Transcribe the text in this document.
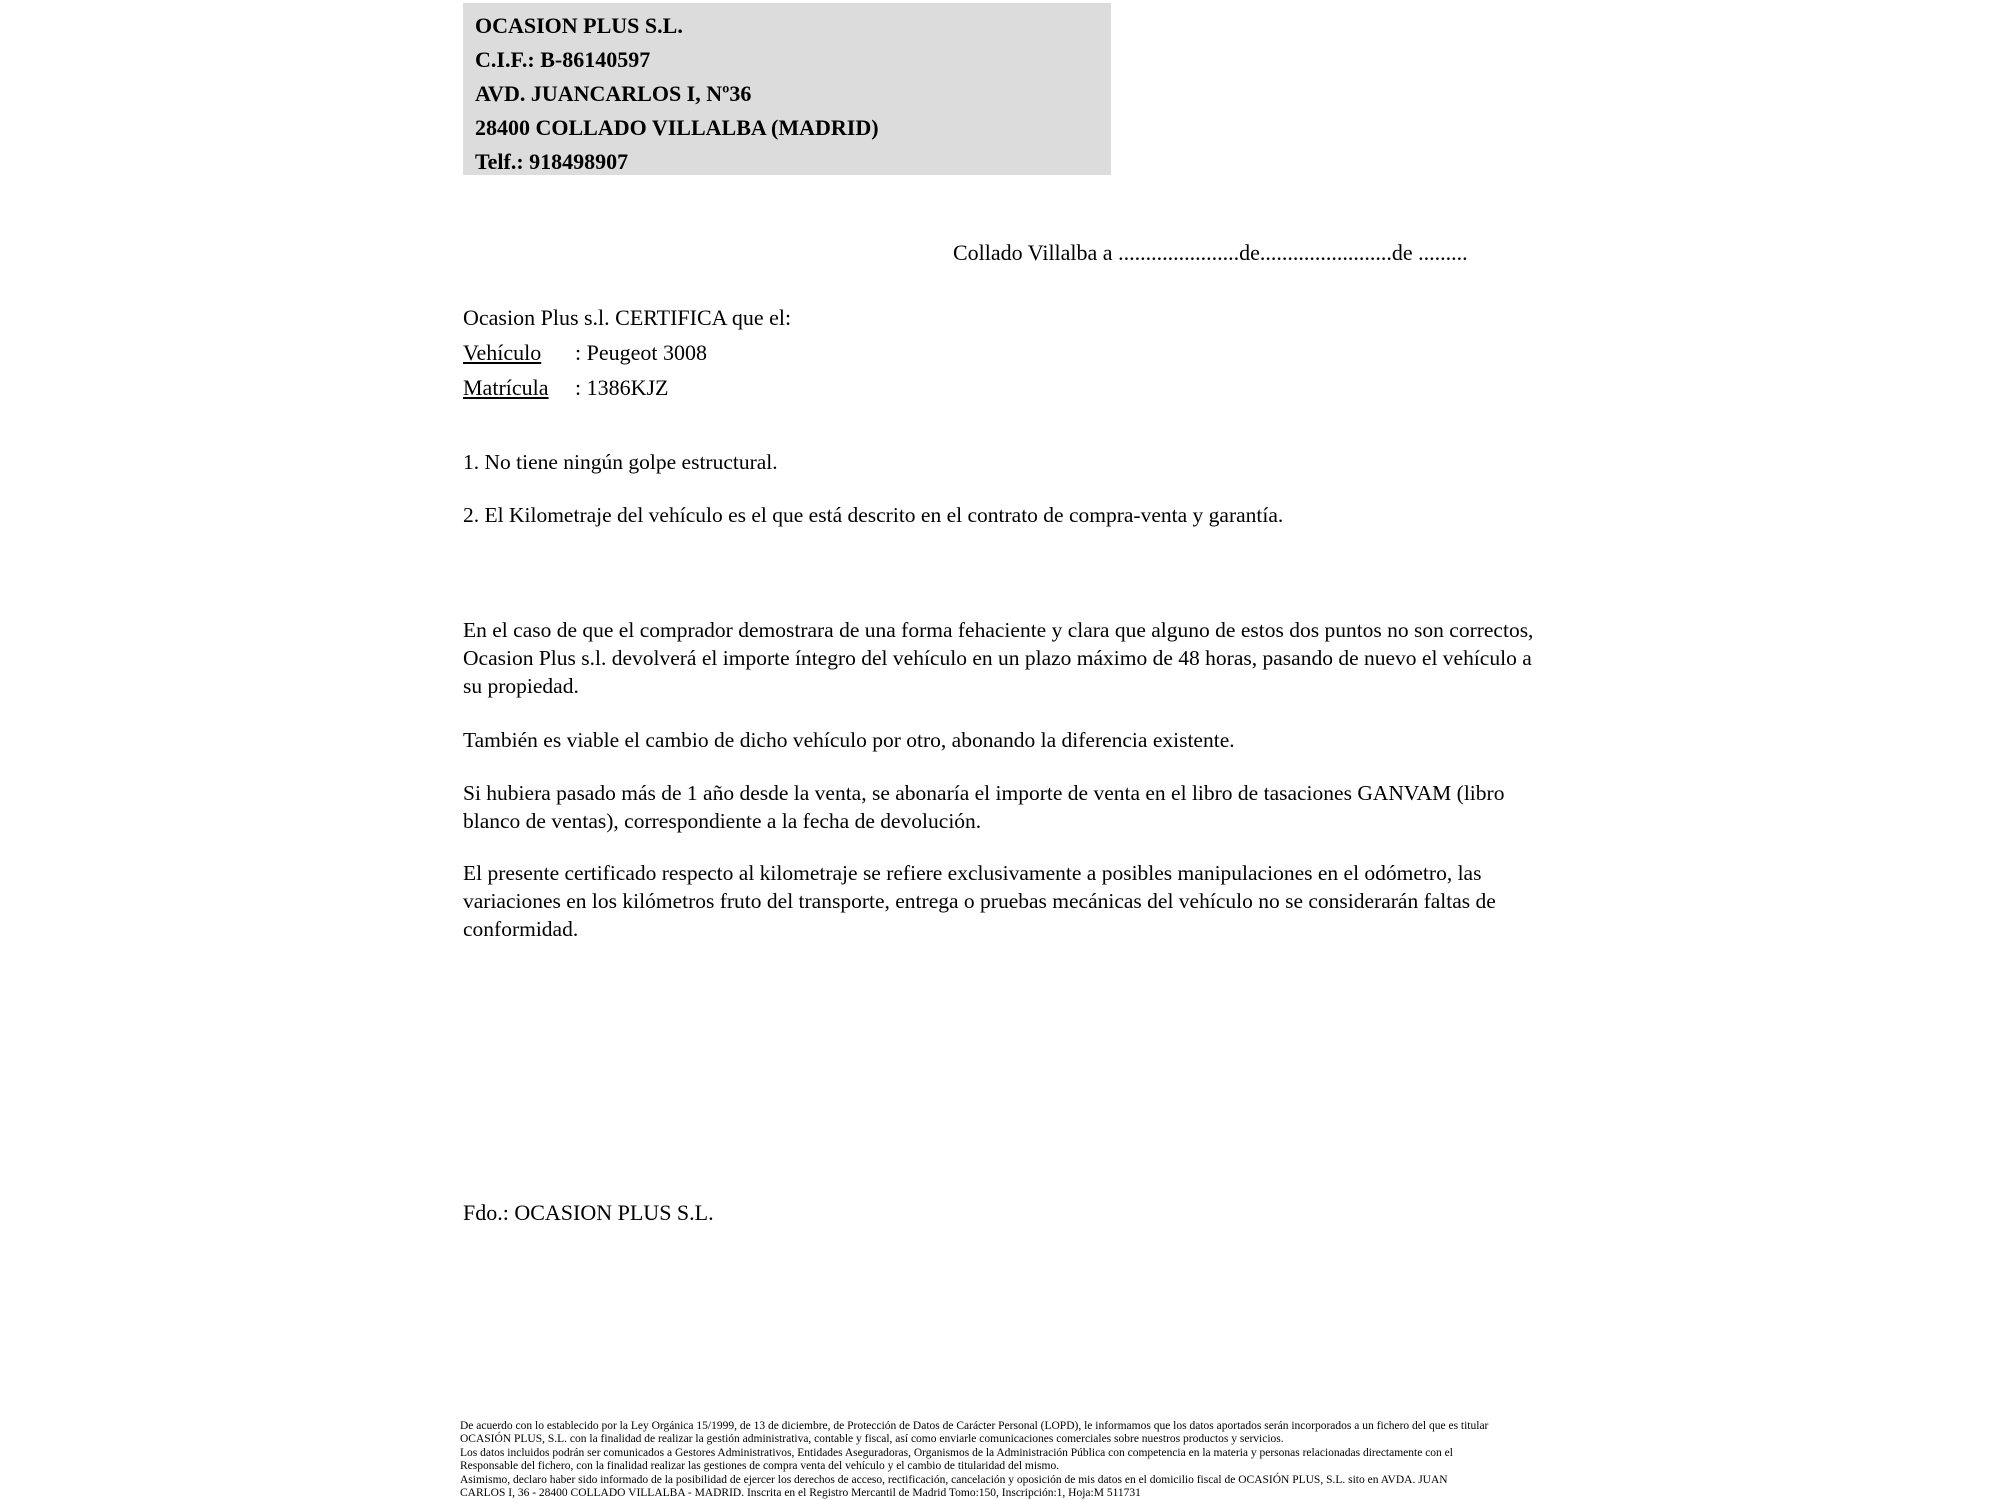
OCASION PLUS S.L.
C.I.F.: B-86140597
AVD. JUANCARLOS I, Nº36
28400 COLLADO VILLALBA (MADRID)
Telf.: 918498907
Collado Villalba a ......................de........................de .........
Ocasion Plus s.l. CERTIFICA que el:
Vehículo : Peugeot 3008
Matrícula : 1386KJZ
1. No tiene ningún golpe estructural.
2. El Kilometraje del vehículo es el que está descrito en el contrato de compra-venta y garantía.
En el caso de que el comprador demostrara de una forma fehaciente y clara que alguno de estos dos puntos no son correctos, Ocasion Plus s.l. devolverá el importe íntegro del vehículo en un plazo máximo de 48 horas, pasando de nuevo el vehículo a su propiedad.
También es viable el cambio de dicho vehículo por otro, abonando la diferencia existente.
Si hubiera pasado más de 1 año desde la venta, se abonaría el importe de venta en el libro de tasaciones GANVAM (libro blanco de ventas), correspondiente a la fecha de devolución.
El presente certificado respecto al kilometraje se refiere exclusivamente a posibles manipulaciones en el odómetro, las variaciones en los kilómetros fruto del transporte, entrega o pruebas mecánicas del vehículo no se considerarán faltas de conformidad.
Fdo.: OCASION PLUS S.L.
De acuerdo con lo establecido por la Ley Orgánica 15/1999, de 13 de diciembre, de Protección de Datos de Carácter Personal (LOPD), le informamos que los datos aportados serán incorporados a un fichero del que es titular
OCASIÓN PLUS, S.L. con la finalidad de realizar la gestión administrativa, contable y fiscal, así como enviarle comunicaciones comerciales sobre nuestros productos y servicios.
Los datos incluidos podrán ser comunicados a Gestores Administrativos, Entidades Aseguradoras, Organismos de la Administración Pública con competencia en la materia y personas relacionadas directamente con el
Responsable del fichero, con la finalidad realizar las gestiones de compra venta del vehículo y el cambio de titularidad del mismo.
Asimismo, declaro haber sido informado de la posibilidad de ejercer los derechos de acceso, rectificación, cancelación y oposición de mis datos en el domicilio fiscal de OCASIÓN PLUS, S.L. sito en AVDA. JUAN
CARLOS I, 36 - 28400 COLLADO VILLALBA - MADRID. Inscrita en el Registro Mercantil de Madrid Tomo:150, Inscripción:1, Hoja:M 511731
